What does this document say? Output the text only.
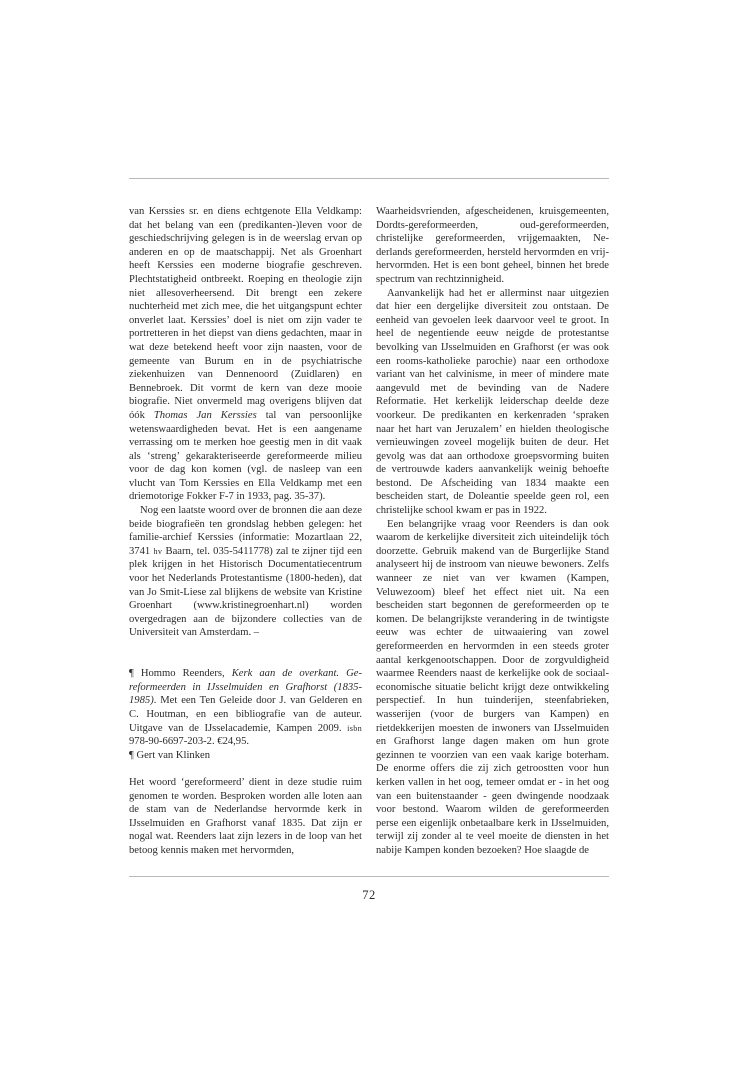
van Kerssies sr. en diens echtgenote Ella Veldkamp: dat het belang van een (predikanten-)leven voor de geschiedschrijving gelegen is in de weerslag ervan op anderen en op de maatschappij. Net als Groenhart heeft Kerssies een moderne biografie geschreven. Plechtstatigheid ontbreekt. Roeping en theologie zijn niet allesoverheersend. Dit brengt een zekere nuchterheid met zich mee, die het uitgangspunt echter onverlet laat. Kerssies’ doel is niet om zijn vader te portretteren in het diepst van diens gedachten, maar in wat deze betekend heeft voor zijn naasten, voor de gemeente van Burum en in de psychiatrische ziekenhuizen van Dennenoord (Zuidlaren) en Bennebroek. Dit vormt de kern van deze mooie biografie. Niet onvermeld mag overigens blijven dat óók Thomas Jan Kerssies tal van persoonlijke wetenswaardigheden bevat. Het is een aangename verrassing om te merken hoe geestig men in dit vaak als ‘streng’ gekarakteriseerde gereformeerde milieu voor de dag kon komen (vgl. de nasleep van een vlucht van Tom Kerssies en Ella Veldkamp met een driemotorige Fokker F-7 in 1933, pag. 35-37).

Nog een laatste woord over de bronnen die aan deze beide biografieën ten grondslag hebben gelegen: het familie-archief Kerssies (informatie: Mozartlaan 22, 3741 hv Baarn, tel. 035-5411778) zal te zijner tijd een plek krijgen in het Historisch Documentatiecentrum voor het Nederlands Protestantisme (1800-heden), dat van Jo Smit-Liese zal blijkens de website van Kristine Groenhart (www.kristinegroenhart.nl) worden overgedragen aan de bijzondere collecties van de Universiteit van Amsterdam. –

¶ Hommo Reenders, Kerk aan de overkant. Gereformeerden in IJsselmuiden en Grafhorst (1835-1985). Met een Ten Geleide door J. van Gelderen en C. Houtman, en een bibliografie van de auteur. Uitgave van de IJsselacademie, Kampen 2009. isbn 978-90-6697-203-2. €24,95.

¶ Gert van Klinken

Het woord ‘gereformeerd’ dient in deze studie ruim genomen te worden. Besproken worden alle loten aan de stam van de Nederlandse hervormde kerk in IJsselmuiden en Grafhorst vanaf 1835. Dat zijn er nogal wat. Reenders laat zijn lezers in de loop van het betoog kennis maken met hervormden,

Waarheidsvrienden, afgescheidenen, kruisgemeenten, Dordts-gereformeerden, oud-gereformeerden, christelijke gereformeerden, vrijgemaakten, Nederlands gereformeerden, hersteld hervormden en vrij-hervormden. Het is een bont geheel, binnen het brede spectrum van rechtzinnigheid.

Aanvankelijk had het er allerminst naar uitgezien dat hier een dergelijke diversiteit zou ontstaan. De eenheid van gevoelen leek daarvoor veel te groot. In heel de negentiende eeuw neigde de protestantse bevolking van IJsselmuiden en Grafhorst (er was ook een rooms-katholieke parochie) naar een orthodoxe variant van het calvinisme, in meer of mindere mate aangevuld met de bevinding van de Nadere Reformatie. Het kerkelijk leiderschap deelde deze voorkeur. De predikanten en kerkenraden ‘spraken naar het hart van Jeruzalem’ en hielden theologische vernieuwingen zoveel mogelijk buiten de deur. Het gevolg was dat aan orthodoxe groepsvorming buiten de vertrouwde kaders aanvankelijk weinig behoefte bestond. De Afscheiding van 1834 maakte een bescheiden start, de Doleantie speelde geen rol, een christelijke school kwam er pas in 1922.

Een belangrijke vraag voor Reenders is dan ook waarom de kerkelijke diversiteit zich uiteindelijk tóch doorzette. Gebruik makend van de Burgerlijke Stand analyseert hij de instroom van nieuwe bewoners. Zelfs wanneer ze niet van ver kwamen (Kampen, Veluwezoom) bleef het effect niet uit. Na een bescheiden start begonnen de gereformeerden op te komen. De belangrijkste verandering in de twintigste eeuw was echter de uitwaaiering van zowel gereformeerden en hervormden in een steeds groter aantal kerkgenootschappen. Door de zorgvuldigheid waarmee Reenders naast de kerkelijke ook de sociaal-economische situatie belicht krijgt deze ontwikkeling perspectief. In hun tuinderijen, steenfabrieken, wasserijen (voor de burgers van Kampen) en rietdekkerijen moesten de inwoners van IJsselmuiden en Grafhorst lange dagen maken om hun grote gezinnen te voorzien van een vaak karige boterham. De enorme offers die zij zich getroostten voor hun kerken vallen in het oog, temeer omdat er - in het oog van een buitenstaander - geen dwingende noodzaak voor bestond. Waarom wilden de gereformeerden perse een eigenlijk onbetaalbare kerk in IJsselmuiden, terwijl zij zonder al te veel moeite de diensten in het nabije Kampen konden bezoeken? Hoe slaagde de

72
